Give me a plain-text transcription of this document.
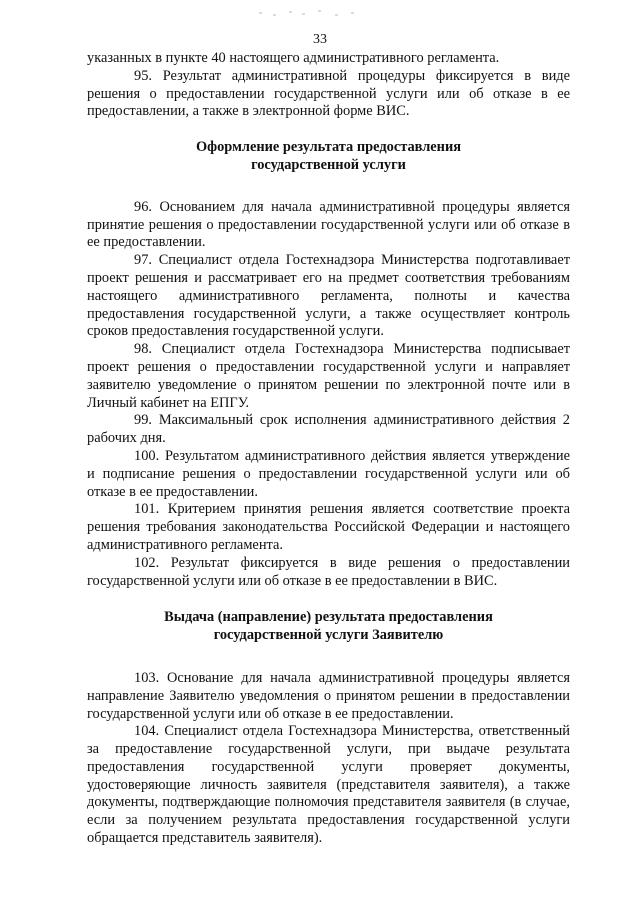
33

указанных в пункте 40 настоящего административного регламента.

95. Результат административной процедуры фиксируется в виде решения о предоставлении государственной услуги или об отказе в ее предоставлении, а также в электронной форме ВИС.

Оформление результата предоставления
государственной услуги

96. Основанием для начала административной процедуры является принятие решения о предоставлении государственной услуги или об отказе в ее предоставлении.

97. Специалист отдела Гостехнадзора Министерства подготавливает проект решения и рассматривает его на предмет соответствия требованиям настоящего административного регламента, полноты и качества предоставления государственной услуги, а также осуществляет контроль сроков предоставления государственной услуги.

98. Специалист отдела Гостехнадзора Министерства подписывает проект решения о предоставлении государственной услуги и направляет заявителю уведомление о принятом решении по электронной почте или в Личный кабинет на ЕПГУ.

99. Максимальный срок исполнения административного действия 2 рабочих дня.

100. Результатом административного действия является утверждение и подписание решения о предоставлении государственной услуги или об отказе в ее предоставлении.

101. Критерием принятия решения является соответствие проекта решения требования законодательства Российской Федерации и настоящего административного регламента.

102. Результат фиксируется в виде решения о предоставлении государственной услуги или об отказе в ее предоставлении в ВИС.

Выдача (направление) результата предоставления
государственной услуги Заявителю

103. Основание для начала административной процедуры является направление Заявителю уведомления о принятом решении в предоставлении государственной услуги или об отказе в ее предоставлении.

104. Специалист отдела Гостехнадзора Министерства, ответственный за предоставление государственной услуги, при выдаче результата предоставления государственной услуги проверяет документы, удостоверяющие личность заявителя (представителя заявителя), а также документы, подтверждающие полномочия представителя заявителя (в случае, если за получением результата предоставления государственной услуги обращается представитель заявителя).
